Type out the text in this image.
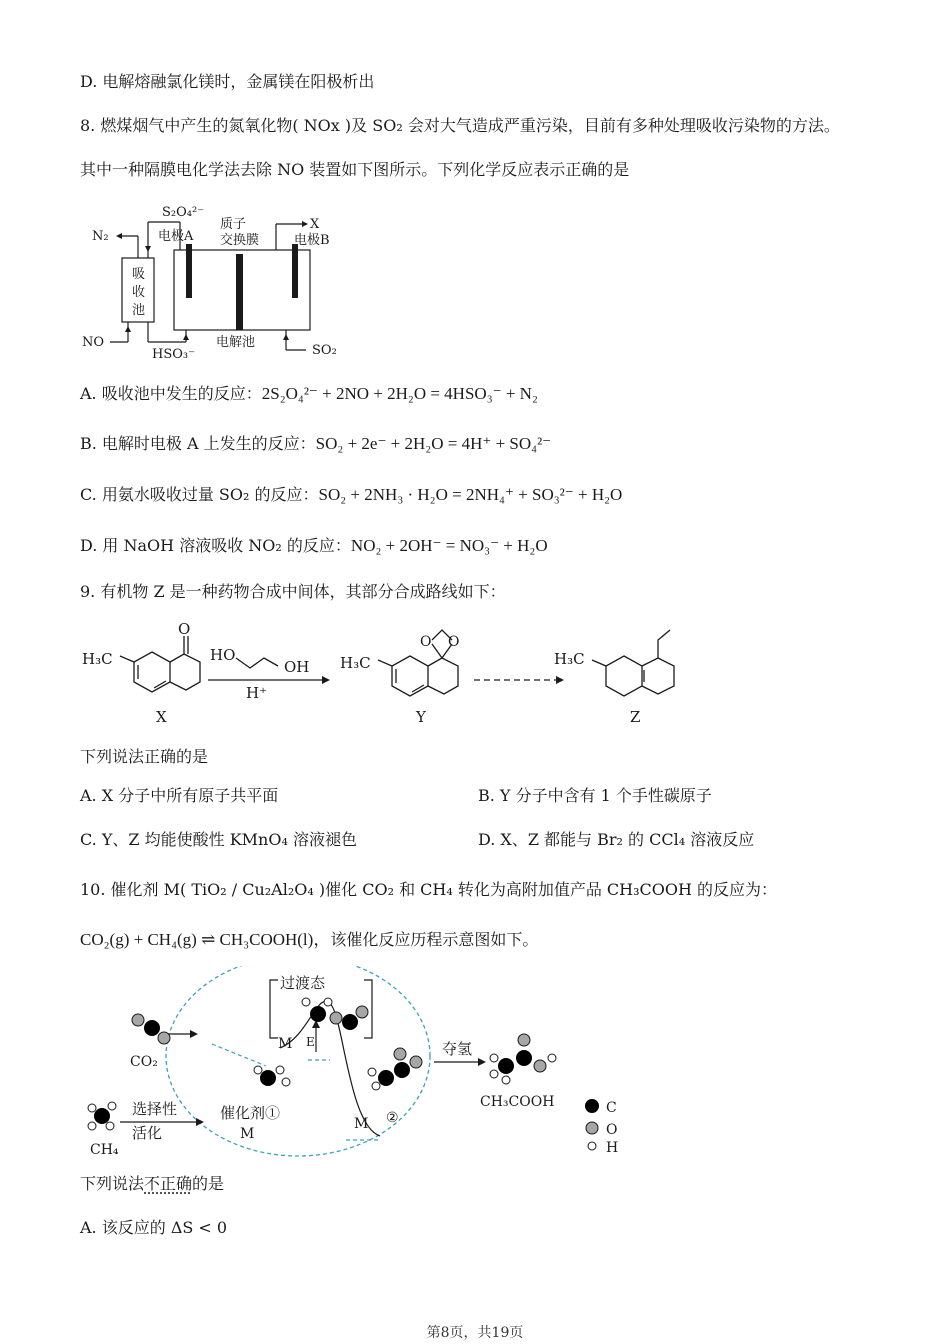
D. 电解熔融氯化镁时，金属镁在阳极析出
8. 燃煤烟气中产生的氮氧化物( NOx )及 SO₂ 会对大气造成严重污染，目前有多种处理吸收污染物的方法。
其中一种隔膜电化学法去除 NO 装置如下图所示。下列化学反应表示正确的是
S₂O₄²⁻
电极A
质子
交换膜
X
电极B
N₂
吸
收
池
NO
HSO₃⁻
电解池
SO₂
A. 吸收池中发生的反应：2S₂O₄²⁻ + 2NO + 2H₂O = 4HSO₃⁻ + N₂
B. 电解时电极 A 上发生的反应：SO₂ + 2e⁻ + 2H₂O = 4H⁺ + SO₄²⁻
C. 用氨水吸收过量 SO₂ 的反应：SO₂ + 2NH₃ · H₂O = 2NH₄⁺ + SO₃²⁻ + H₂O
D. 用 NaOH 溶液吸收 NO₂ 的反应：NO₂ + 2OH⁻ = NO₃⁻ + H₂O
9. 有机物 Z 是一种药物合成中间体，其部分合成路线如下：
H₃C
O
HO
OH
H⁺
X
H₃C
O O
Y
H₃C
Z
下列说法正确的是
A. X 分子中所有原子共平面	B. Y 分子中含有 1 个手性碳原子
C. Y、Z 均能使酸性 KMnO₄ 溶液褪色	D. X、Z 都能与 Br₂ 的 CCl₄ 溶液反应
10. 催化剂 M( TiO₂ / Cu₂Al₂O₄ )催化 CO₂ 和 CH₄ 转化为高附加值产品 CH₃COOH 的反应为：
CO₂(g) + CH₄(g) ⇌ CH₃COOH(l)，该催化反应历程示意图如下。
过渡态
M E
CO₂
CH₄
选择性
活化
催化剂①
M
M ②
夺氢
CH₃COOH	C
O
H
下列说法不正确的是
A. 该反应的 ΔS < 0
第8页，共19页
